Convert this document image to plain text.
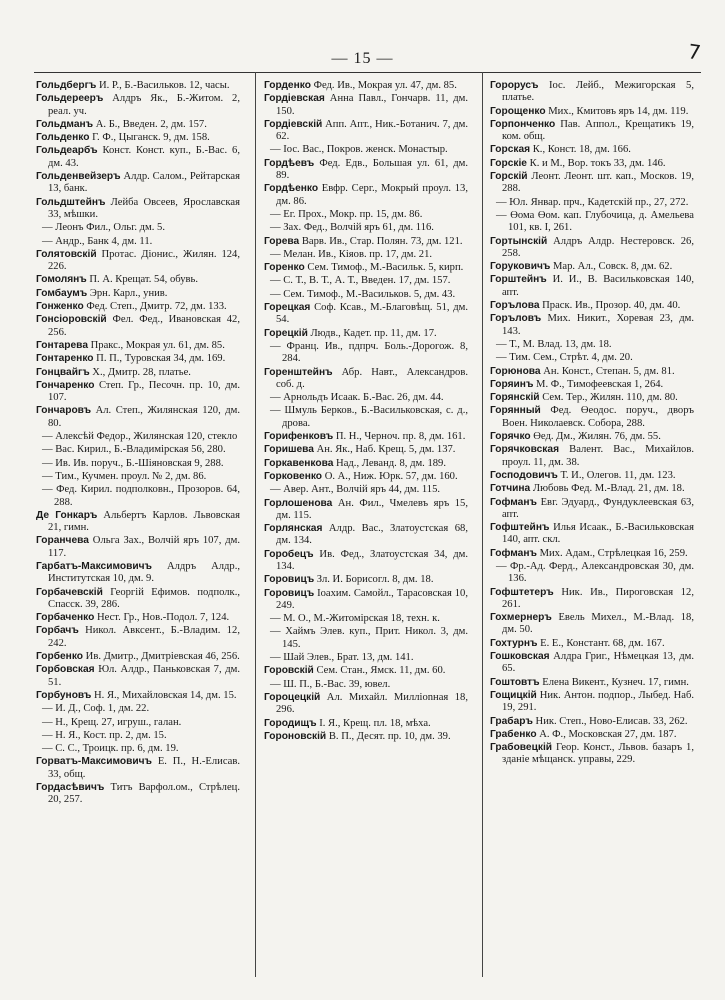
— 15 —	7

Гольдбергъ И. Р., Б.-Васильков. 12, часы.

Гольдерееръ Алдръ Як., Б.-Житом. 2, реал. уч.

Гольдманъ А. Б., Введен. 2, дм. 157.

Гольденко Г. Ф., Цыганск. 9, дм. 158.

Гольдеарбъ Конст. Конст. куп., Б.-Вас. 6, дм. 43.

Гольденвейзеръ Алдр. Салом., Рейтарская 13, банк.

Гольдштейнъ Лейба Овсеев, Ярославская 33, мѣшки.

— Леонъ Фил., Ольг. дм. 5.

— Андр., Банк 4, дм. 11.

Голятовскій Протас. Діонис., Жилян. 124, 226.

Гомолянъ П. А. Крещат. 54, обувь.

Гомбаумъ Эрн. Карл., унив.

Гонженко Фед. Степ., Дмитр. 72, дм. 133.

Гонсіоровскій Фел. Фед., Ивановская 42, 256.

Гонтарева Пракс., Мокрая ул. 61, дм. 85.

Гонтаренко П. П., Туровская 34, дм. 169.

Гонцвайгъ Х., Дмитр. 28, платье.

Гончаренко Степ. Гр., Песочн. пр. 10, дм. 107.

Гончаровъ Ал. Степ., Жилянская 120, дм. 80.

— Алексѣй Федор., Жилянская 120, стекло

— Вас. Кирил., Б.-Владимірская 56, 280.

— Ив. Ив. поруч., Б.-Шіяновская 9, 288.

— Тим., Кучмен. проул. № 2, дм. 86.

— Фед. Кирил. подполковн., Прозоров. 64, 288.

Де Гонкаръ Альбертъ Карлов. Львовская 21, гимн.

Горанчева Ольга Зах., Волчій яръ 107, дм. 117.

Гарбатъ-Максимовичъ Алдръ Алдр., Институтская 10, дм. 9.

Горбачевскій Георгій Ефимов. подполк., Спасск. 39, 286.

Горбаченко Нест. Гр., Нов.-Подол. 7, 124.

Горбачъ Никол. Авксент., Б.-Владим. 12, 242.

Горбенко Ив. Дмитр., Дмитріевская 46, 256.

Горбовская Юл. Алдр., Паньковская 7, дм. 51.

Горбуновъ Н. Я., Михайловская 14, дм. 15.

— И. Д., Соф. 1, дм. 22.

— Н., Крещ. 27, игруш., галан.

— Н. Я., Кост. пр. 2, дм. 15.

— С. С., Троицк. пр. 6, дм. 19.

Горватъ-Максимовичъ Е. П., Н.-Елисав. 33, общ.

Гордасѣвичъ Титъ Варфол.ом., Стрѣлец. 20, 257.

Горденко Фед. Ив., Мокрая ул. 47, дм. 85.

Гордіевская Анна Павл., Гончарв. 11, дм. 150.

Гордіевскій Апп. Апт., Ник.-Ботанич. 7, дм. 62.

— Іос. Вас., Покров. женск. Монастыр.

Гордѣевъ Фед. Едв., Большая ул. 61, дм. 89.

Гордѣенко Евфр. Серг., Мокрый проул. 13, дм. 86.

— Ег. Прох., Мокр. пр. 15, дм. 86.

— Зах. Фед., Волчій яръ 61, дм. 116.

Горева Варв. Ив., Стар. Полян. 73, дм. 121.

— Мелан. Ив., Кіяов. пр. 17, дм. 21.

Горенко Сем. Тимоф., М.-Васильк. 5, кирп.

— С. Т., В. Т., А. Т., Введен. 17, дм. 157.

— Сем. Тимоф., М.-Васильков. 5, дм. 43.

Горецкая Соф. Ксав., М.-Благовѣщ. 51, дм. 54.

Горецкій Людв., Кадет. пр. 11, дм. 17.

— Франц. Ив., пдпрч. Боль.-Дорогож. 8, 284.

Горенштейнъ Абр. Навт., Александров. соб. д.

— Арнольдъ Исаак. Б.-Вас. 26, дм. 44.

— Шмуль Берков., Б.-Васильковская, с. д., дрова.

Горифенковъ П. Н., Черноч. пр. 8, дм. 161.

Горишева Ан. Як., Наб. Крещ. 5, дм. 137.

Горкавенкова Над., Леванд. 8, дм. 189.

Горковенко О. А., Ниж. Юрк. 57, дм. 160.

— Авер. Ант., Волчій яръ 44, дм. 115.

Горлошенова Ан. Фил., Чмелевъ яръ 15, дм. 115.

Горлянская Алдр. Вас., Златоустская 68, дм. 134.

Горобецъ Ив. Фед., Златоустская 34, дм. 134.

Горовицъ Зл. И. Борисогл. 8, дм. 18.

Горовицъ Іоахим. Самойл., Тарасовская 10, 249.

— М. О., М.-Житомірская 18, техн. к.

— Хаймъ Элев. куп., Прит. Никол. 3, дм. 145.

— Шай Элев., Брат. 13, дм. 141.

Горовскій Сем. Стан., Ямск. 11, дм. 60.

— Ш. П., Б.-Вас. 39, ювел.

Гороцецкій Ал. Михайл. Миллionная 18, 296.

Городищъ І. Я., Крещ. пл. 18, мѣха.

Гороновскій В. П., Десят. пр. 10, дм. 39.

Горорусъ Іос. Лейб., Межигорская 5, платье.

Горощенко Мих., Кмитовъ яръ 14, дм. 119.

Горпонченко Пав. Аппол., Крещатикъ 19, ком. общ.

Горская К., Конст. 18, дм. 166.

Горскіе К. и М., Вор. токъ 33, дм. 146.

Горскій Леонт. Леонт. шт. кап., Москов. 19, 288.

— Юл. Январ. прч., Кадетскій пр., 27, 272.

— Өома Өом. кап. Глубочица, д. Амельева 101, кв. I, 261.

Гортынскій Алдръ Алдр. Нестеровск. 26, 258.

Горуковичъ Мар. Ал., Совск. 8, дм. 62.

Горштейнъ И. И., В. Васильковская 140, апт.

Горълова Праск. Ив., Прозор. 40, дм. 40.

Горъловъ Мих. Никит., Хоревая 23, дм. 143.

— Т., М. Влад. 13, дм. 18.

— Тим. Сем., Стрѣт. 4, дм. 20.

Горюнова Ан. Конст., Степан. 5, дм. 81.

Горяинъ М. Ф., Тимофеевская 1, 264.

Горянскій Сем. Тер., Жилян. 110, дм. 80.

Горянный Фед. Өеодос. поруч., дворъ Воен. Николаевск. Собора, 288.

Горячко Өед. Дм., Жилян. 76, дм. 55.

Горячковская Валент. Вас., Михайлов. проул. 11, дм. 38.

Господовичъ Т. И., Олегов. 11, дм. 123.

Готчина Любовь Фед. М.-Влад. 21, дм. 18.

Гофманъ Евг. Эдуард., Фундуклеевская 63, апт.

Гофштейнъ Илья Исаак., Б.-Васильковская 140, апт. скл.

Гофманъ Мих. Адам., Стрѣлецкая 16, 259.

— Фр.-Ад. Ферд., Александровская 30, дм. 136.

Гофштетеръ Ник. Ив., Пироговская 12, 261.

Гохмернеръ Евель Михел., М.-Влад. 18, дм. 50.

Гохтурнъ Е. Е., Констант. 68, дм. 167.

Гошковская Алдра Григ., Нѣмецкая 13, дм. 65.

Гоштовтъ Елена Викент., Кузнеч. 17, гимн.

Гощицкій Ник. Антон. подпор., Лыбед. Наб. 19, 291.

Грабаръ Ник. Степ., Ново-Елисав. 33, 262.

Грабенко А. Ф., Московская 27, дм. 187.

Грабовецкій Геор. Конст., Львов. базаръ 1, зданіе мѣщанск. управы, 229.
